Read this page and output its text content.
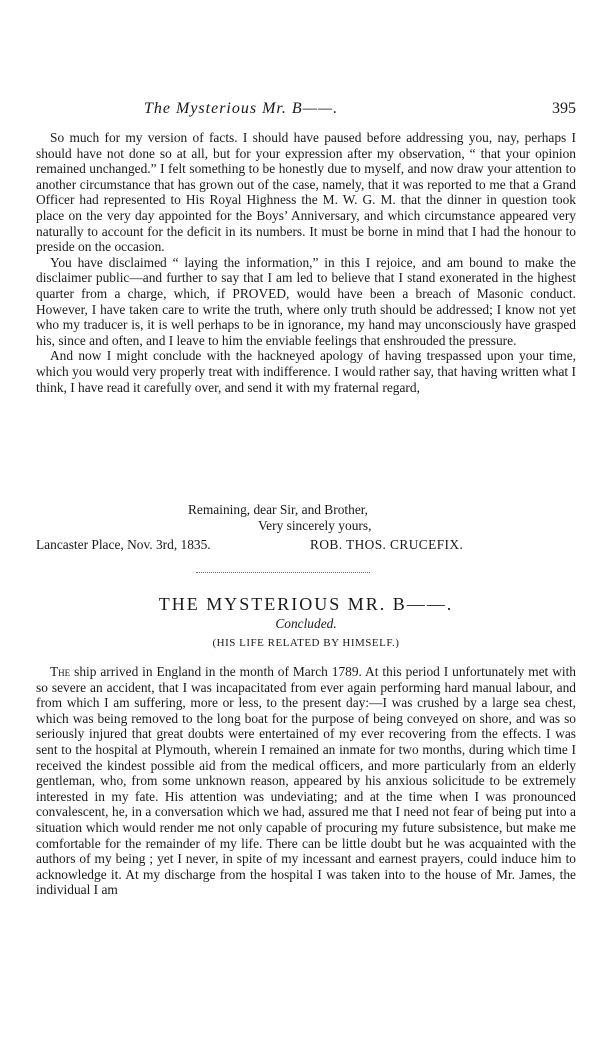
The Mysterious Mr. B——.	395

So much for my version of facts. I should have paused before addressing you, nay, perhaps I should have not done so at all, but for your expression after my observation, “ that your opinion remained unchanged.” I felt something to be honestly due to myself, and now draw your attention to another circumstance that has grown out of the case, namely, that it was reported to me that a Grand Officer had represented to His Royal Highness the M. W. G. M. that the dinner in question took place on the very day appointed for the Boys’ Anniversary, and which circumstance appeared very naturally to account for the deficit in its numbers. It must be borne in mind that I had the honour to preside on the occasion.

You have disclaimed “ laying the information,” in this I rejoice, and am bound to make the disclaimer public—and further to say that I am led to believe that I stand exonerated in the highest quarter from a charge, which, if PROVED, would have been a breach of Masonic conduct. However, I have taken care to write the truth, where only truth should be addressed; I know not yet who my traducer is, it is well perhaps to be in ignorance, my hand may unconsciously have grasped his, since and often, and I leave to him the enviable feelings that enshrouded the pressure.

And now I might conclude with the hackneyed apology of having trespassed upon your time, which you would very properly treat with indifference. I would rather say, that having written what I think, I have read it carefully over, and send it with my fraternal regard,

Remaining, dear Sir, and Brother,
Very sincerely yours,
Lancaster Place, Nov. 3rd, 1835.	ROB. THOS. CRUCEFIX.
THE MYSTERIOUS MR. B——.
Concluded.
(HIS LIFE RELATED BY HIMSELF.)

The ship arrived in England in the month of March 1789. At this period I unfortunately met with so severe an accident, that I was incapacitated from ever again performing hard manual labour, and from which I am suffering, more or less, to the present day:—I was crushed by a large sea chest, which was being removed to the long boat for the purpose of being conveyed on shore, and was so seriously injured that great doubts were entertained of my ever recovering from the effects. I was sent to the hospital at Plymouth, wherein I remained an inmate for two months, during which time I received the kindest possible aid from the medical officers, and more particularly from an elderly gentleman, who, from some unknown reason, appeared by his anxious solicitude to be extremely interested in my fate. His attention was undeviating; and at the time when I was pronounced convalescent, he, in a conversation which we had, assured me that I need not fear of being put into a situation which would render me not only capable of procuring my future subsistence, but make me comfortable for the remainder of my life. There can be little doubt but he was acquainted with the authors of my being ; yet I never, in spite of my incessant and earnest prayers, could induce him to acknowledge it. At my discharge from the hospital I was taken into to the house of Mr. James, the individual I am
